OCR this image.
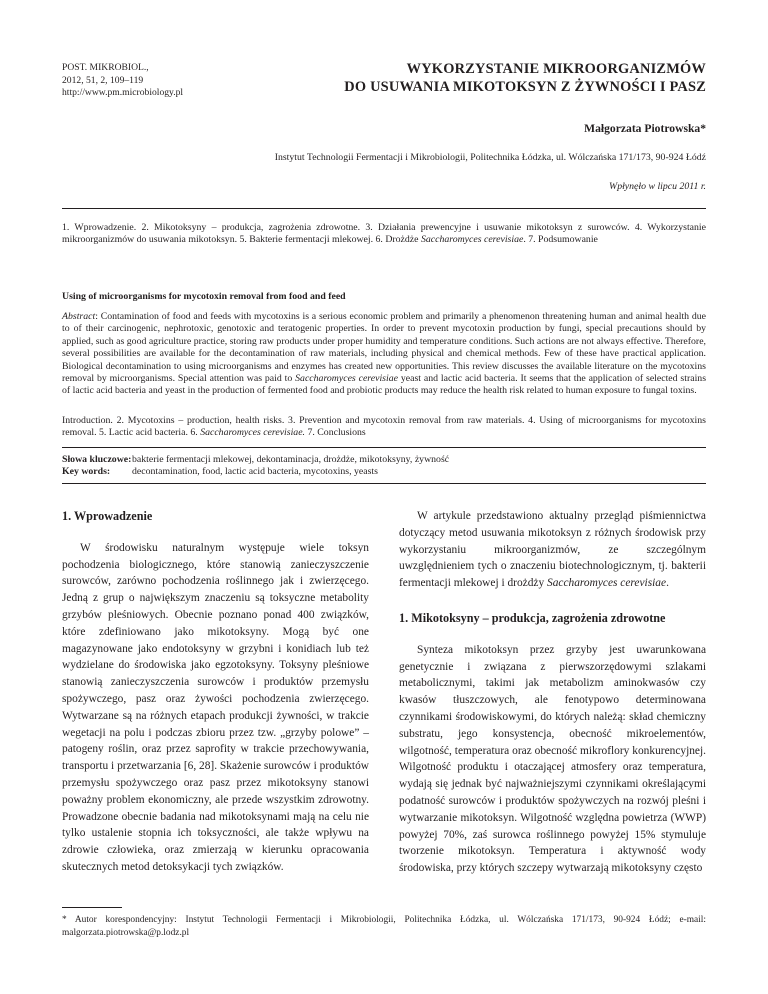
POST. MIKROBIOL.,
2012, 51, 2, 109–119
http://www.pm.microbiology.pl
WYKORZYSTANIE MIKROORGANIZMÓW
DO USUWANIA MIKOTOKSYN Z ŻYWNOŚCI I PASZ
Małgorzata Piotrowska*
Instytut Technologii Fermentacji i Mikrobiologii, Politechnika Łódzka, ul. Wólczańska 171/173, 90-924 Łódź
Wpłynęło w lipcu 2011 r.
1. Wprowadzenie. 2. Mikotoksyny – produkcja, zagrożenia zdrowotne. 3. Działania prewencyjne i usuwanie mikotoksyn z surowców. 4. Wykorzystanie mikroorganizmów do usuwania mikotoksyn. 5. Bakterie fermentacji mlekowej. 6. Drożdże Saccharomyces cerevisiae. 7. Podsumowanie
Using of microorganisms for mycotoxin removal from food and feed
Abstract: Contamination of food and feeds with mycotoxins is a serious economic problem and primarily a phenomenon threatening human and animal health due to of their carcinogenic, nephrotoxic, genotoxic and teratogenic properties. In order to prevent mycotoxin production by fungi, special precautions should by applied, such as good agriculture practice, storing raw products under proper humidity and temperature conditions. Such actions are not always effective. Therefore, several possibilities are available for the decontamination of raw materials, including physical and chemical methods. Few of these have practical application. Biological decontamination to using microorganisms and enzymes has created new opportunities. This review discusses the available literature on the mycotoxins removal by microorganisms. Special attention was paid to Saccharomyces cerevisiae yeast and lactic acid bacteria. It seems that the application of selected strains of lactic acid bacteria and yeast in the production of fermented food and probiotic products may reduce the health risk related to human exposure to fungal toxins.
Introduction. 2. Mycotoxins – production, health risks. 3. Prevention and mycotoxin removal from raw materials. 4. Using of microorganisms for mycotoxins removal. 5. Lactic acid bacteria. 6. Saccharomyces cerevisiae. 7. Conclusions
Słowa kluczowe: bakterie fermentacji mlekowej, dekontaminacja, drożdże, mikotoksyny, żywność
Key words:	decontamination, food, lactic acid bacteria, mycotoxins, yeasts
1. Wprowadzenie

W środowisku naturalnym występuje wiele toksyn pochodzenia biologicznego, które stanowią zanieczyszczenie surowców, zarówno pochodzenia roślinnego jak i zwierzęcego. Jedną z grup o największym znaczeniu są toksyczne metabolity grzybów pleśniowych. Obecnie poznano ponad 400 związków, które zdefiniowano jako mikotoksyny. Mogą być one magazynowane jako endotoksyny w grzybni i konidiach lub też wydzielane do środowiska jako egzotoksyny. Toksyny pleśniowe stanowią zanieczyszczenia surowców i produktów przemysłu spożywczego, pasz oraz żywości pochodzenia zwierzęcego. Wytwarzane są na różnych etapach produkcji żywności, w trakcie wegetacji na polu i podczas zbioru przez tzw. „grzyby polowe” – patogeny roślin, oraz przez saprofity w trakcie przechowywania, transportu i przetwarzania [6, 28]. Skażenie surowców i produktów przemysłu spożywczego oraz pasz przez mikotoksyny stanowi poważny problem ekonomiczny, ale przede wszystkim zdrowotny. Prowadzone obecnie badania nad mikotoksynami mają na celu nie tylko ustalenie stopnia ich toksyczności, ale także wpływu na zdrowie człowieka, oraz zmierzają w kierunku opracowania skutecznych metod detoksykacji tych związków.

W artykule przedstawiono aktualny przegląd piśmiennictwa dotyczący metod usuwania mikotoksyn z różnych środowisk przy wykorzystaniu mikroorganizmów, ze szczególnym uwzględnieniem tych o znaczeniu biotechnologicznym, tj. bakterii fermentacji mlekowej i drożdży Saccharomyces cerevisiae.

1. Mikotoksyny – produkcja, zagrożenia zdrowotne

Synteza mikotoksyn przez grzyby jest uwarunkowana genetycznie i związana z pierwszorzędowymi szlakami metabolicznymi, takimi jak metabolizm aminokwasów czy kwasów tłuszczowych, ale fenotypowo determinowana czynnikami środowiskowymi, do których należą: skład chemiczny substratu, jego konsystencja, obecność mikroelementów, wilgotność, temperatura oraz obecność mikroflory konkurencyjnej. Wilgotność produktu i otaczającej atmosfery oraz temperatura, wydają się jednak być najważniejszymi czynnikami określającymi podatność surowców i produktów spożywczych na rozwój pleśni i wytwarzanie mikotoksyn. Wilgotność względna powietrza (WWP) powyżej 70%, zaś surowca roślinnego powyżej 15% stymuluje tworzenie mikotoksyn. Temperatura i aktywność wody środowiska, przy których szczepy wytwarzają mikotoksyny często

* Autor korespondencyjny: Instytut Technologii Fermentacji i Mikrobiologii, Politechnika Łódzka, ul. Wólczańska 171/173, 90-924 Łódź; e-mail: malgorzata.piotrowska@p.lodz.pl
